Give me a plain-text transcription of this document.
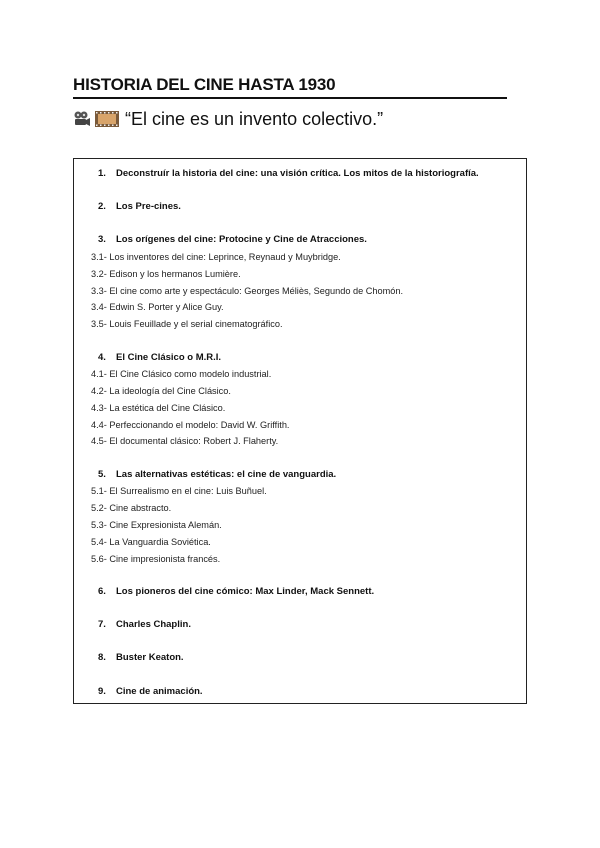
HISTORIA DEL CINE HASTA 1930
“El cine es un invento colectivo.”
1. Deconstruír la historia del cine: una visión crítica. Los mitos de la historiografía.
2. Los Pre-cines.
3. Los orígenes del cine: Protocine y Cine de Atracciones.
3.1- Los inventores del cine: Leprince, Reynaud y Muybridge.
3.2- Edison y los hermanos Lumière.
3.3- El cine como arte y espectáculo: Georges Méliès, Segundo de Chomón.
3.4- Edwin S. Porter y Alice Guy.
3.5- Louis Feuillade y el serial cinematográfico.
4. El Cine Clásico o M.R.I.
4.1- El Cine Clásico como modelo industrial.
4.2- La ideología del Cine Clásico.
4.3- La estética del Cine Clásico.
4.4- Perfeccionando el modelo: David W. Griffith.
4.5- El documental clásico: Robert J. Flaherty.
5. Las alternativas estéticas: el cine de vanguardia.
5.1- El Surrealismo en el cine: Luis Buñuel.
5.2- Cine abstracto.
5.3- Cine Expresionista Alemán.
5.4- La Vanguardia Soviética.
5.6- Cine impresionista francés.
6. Los pioneros del cine cómico: Max Linder, Mack Sennett.
7. Charles Chaplin.
8. Buster Keaton.
9. Cine de animación.
